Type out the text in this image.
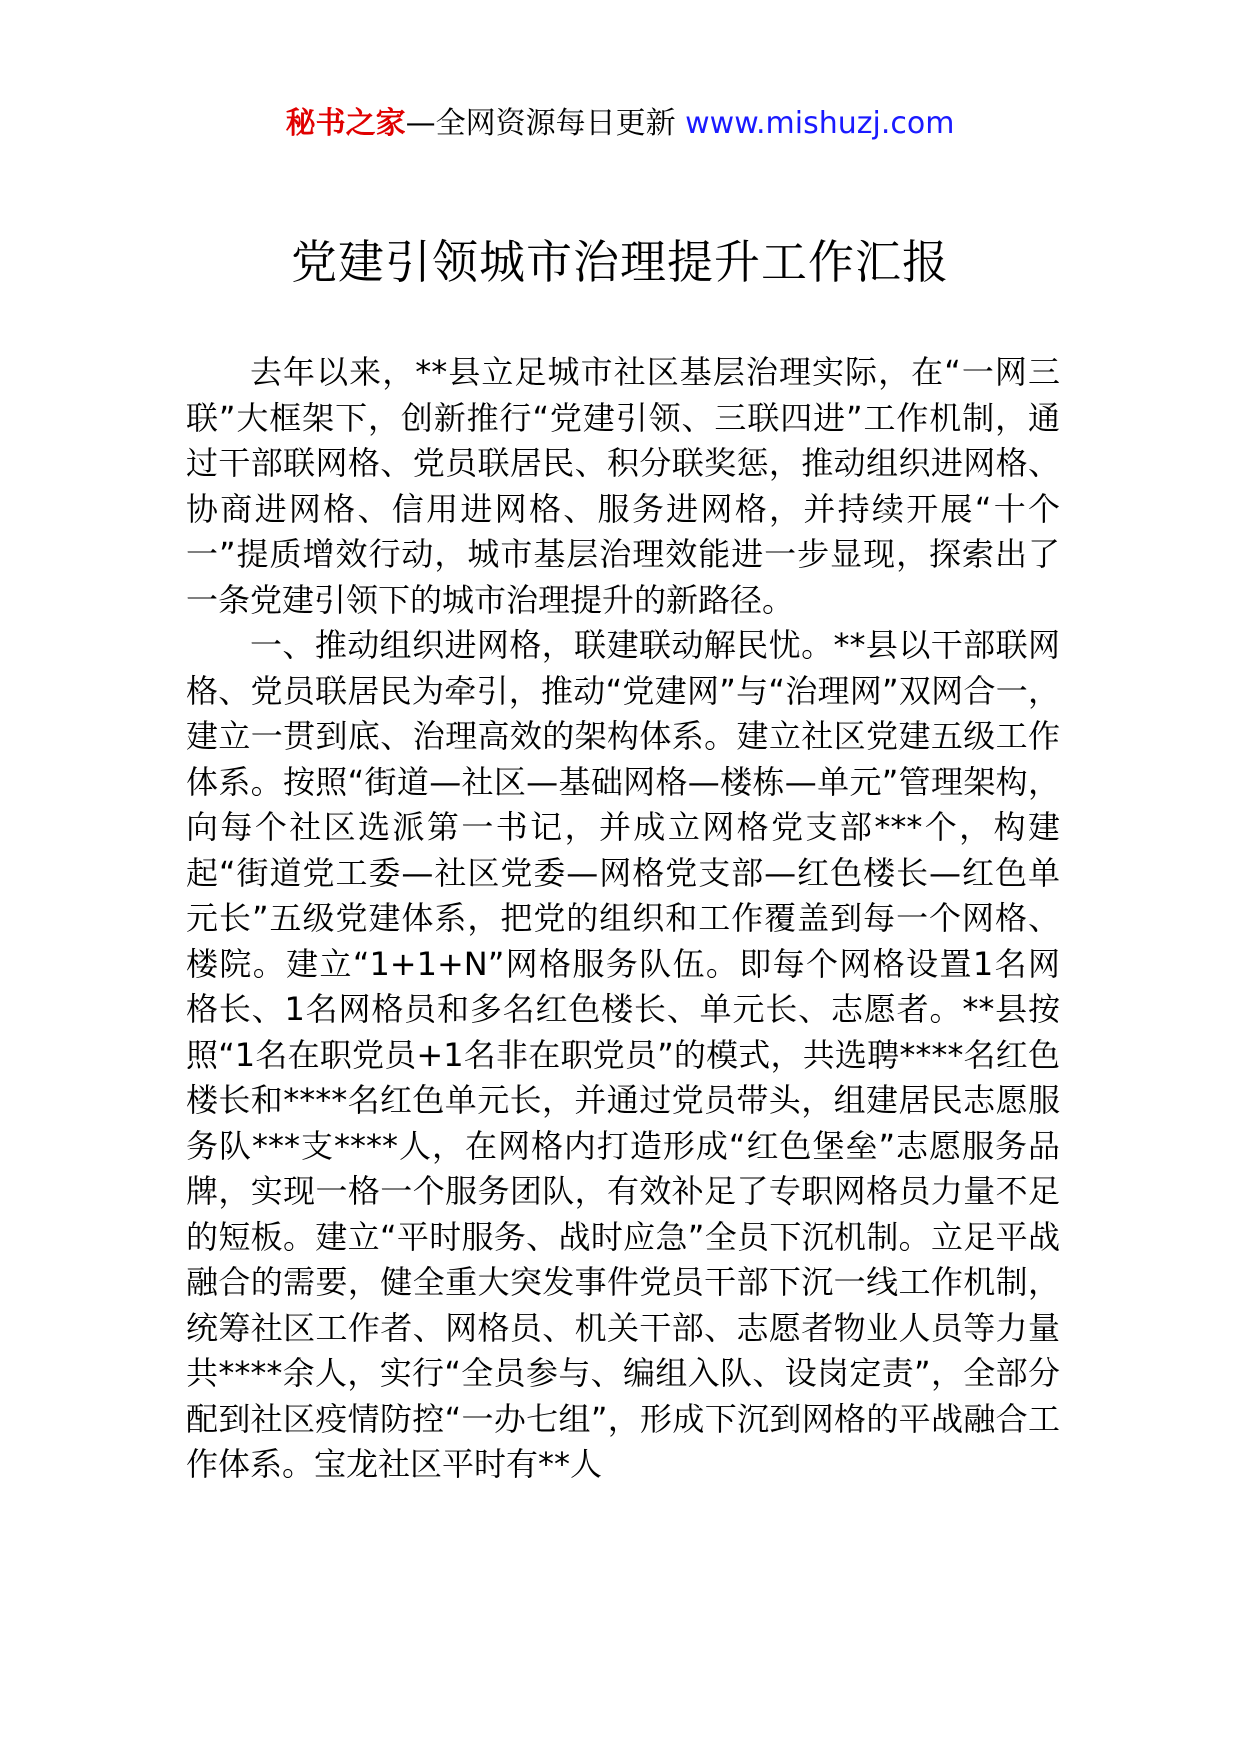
秘书之家—全网资源每日更新 www.mishuzj.com
党建引领城市治理提升工作汇报

去年以来，**县立足城市社区基层治理实际，在“一网三联”大框架下，创新推行“党建引领、三联四进”工作机制，通过干部联网格、党员联居民、积分联奖惩，推动组织进网格、协商进网格、信用进网格、服务进网格，并持续开展“十个一”提质增效行动，城市基层治理效能进一步显现，探索出了一条党建引领下的城市治理提升的新路径。

一、推动组织进网格，联建联动解民忧。**县以干部联网格、党员联居民为牵引，推动“党建网”与“治理网”双网合一，建立一贯到底、治理高效的架构体系。建立社区党建五级工作体系。按照“街道—社区—基础网格—楼栋—单元”管理架构，向每个社区选派第一书记，并成立网格党支部***个，构建起“街道党工委—社区党委—网格党支部—红色楼长—红色单元长”五级党建体系，把党的组织和工作覆盖到每一个网格、楼院。建立“1+1+N”网格服务队伍。即每个网格设置1名网格长、1名网格员和多名红色楼长、单元长、志愿者。**县按照“1名在职党员+1名非在职党员”的模式，共选聘****名红色楼长和****名红色单元长，并通过党员带头，组建居民志愿服务队***支****人，在网格内打造形成“红色堡垒”志愿服务品牌，实现一格一个服务团队，有效补足了专职网格员力量不足的短板。建立“平时服务、战时应急”全员下沉机制。立足平战融合的需要，健全重大突发事件党员干部下沉一线工作机制，统筹社区工作者、网格员、机关干部、志愿者物业人员等力量共****余人，实行“全员参与、编组入队、设岗定责”，全部分配到社区疫情防控“一办七组”，形成下沉到网格的平战融合工作体系。宝龙社区平时有**人
